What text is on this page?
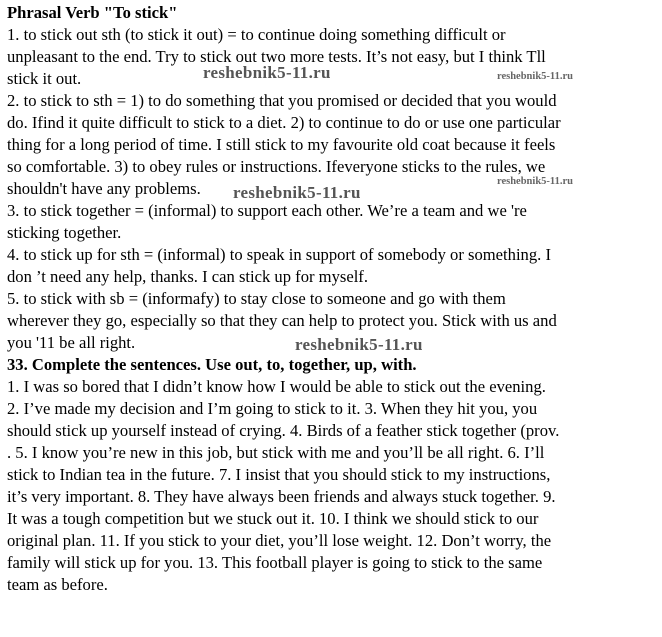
Phrasal Verb "To stick"
1. to stick out sth (to stick it out) = to continue doing something difficult or
unpleasant to the end. Try to stick out two more tests. It’s not easy, but I think Tll
stick it out.
2. to stick to sth = 1) to do something that you promised or decided that you would
do. Ifind it quite difficult to stick to a diet. 2) to continue to do or use one particular
thing for a long period of time. I still stick to my favourite old coat because it feels
so comfortable. 3) to obey rules or instructions. Ifeveryone sticks to the rules, we
shouldn't have any problems.
3. to stick together = (informal) to support each other. We’re a team and we 're
sticking together.
4. to stick up for sth = (informal) to speak in support of somebody or something. I
don ’t need any help, thanks. I can stick up for myself.
5. to stick with sb = (informafy) to stay close to someone and go with them
wherever they go, especially so that they can help to protect you. Stick with us and
you '11 be all right.
33. Complete the sentences. Use out, to, together, up, with.
1. I was so bored that I didn’t know how I would be able to stick out the evening.
2. I’ve made my decision and I’m going to stick to it. 3. When they hit you, you
should stick up yourself instead of crying. 4. Birds of a feather stick together (prov.
. 5. I know you’re new in this job, but stick with me and you’ll be all right. 6. I’ll
stick to Indian tea in the future. 7. I insist that you should stick to my instructions,
it’s very important. 8. They have always been friends and always stuck together. 9.
It was a tough competition but we stuck out it. 10. I think we should stick to our
original plan. 11. If you stick to your diet, you’ll lose weight. 12. Don’t worry, the
family will stick up for you. 13. This football player is going to stick to the same
team as before.
reshebnik5-11.ru	reshebnik5-11.ru
reshebnik5-11.ru
reshebnik5-11.ru
reshebnik5-11.ru
